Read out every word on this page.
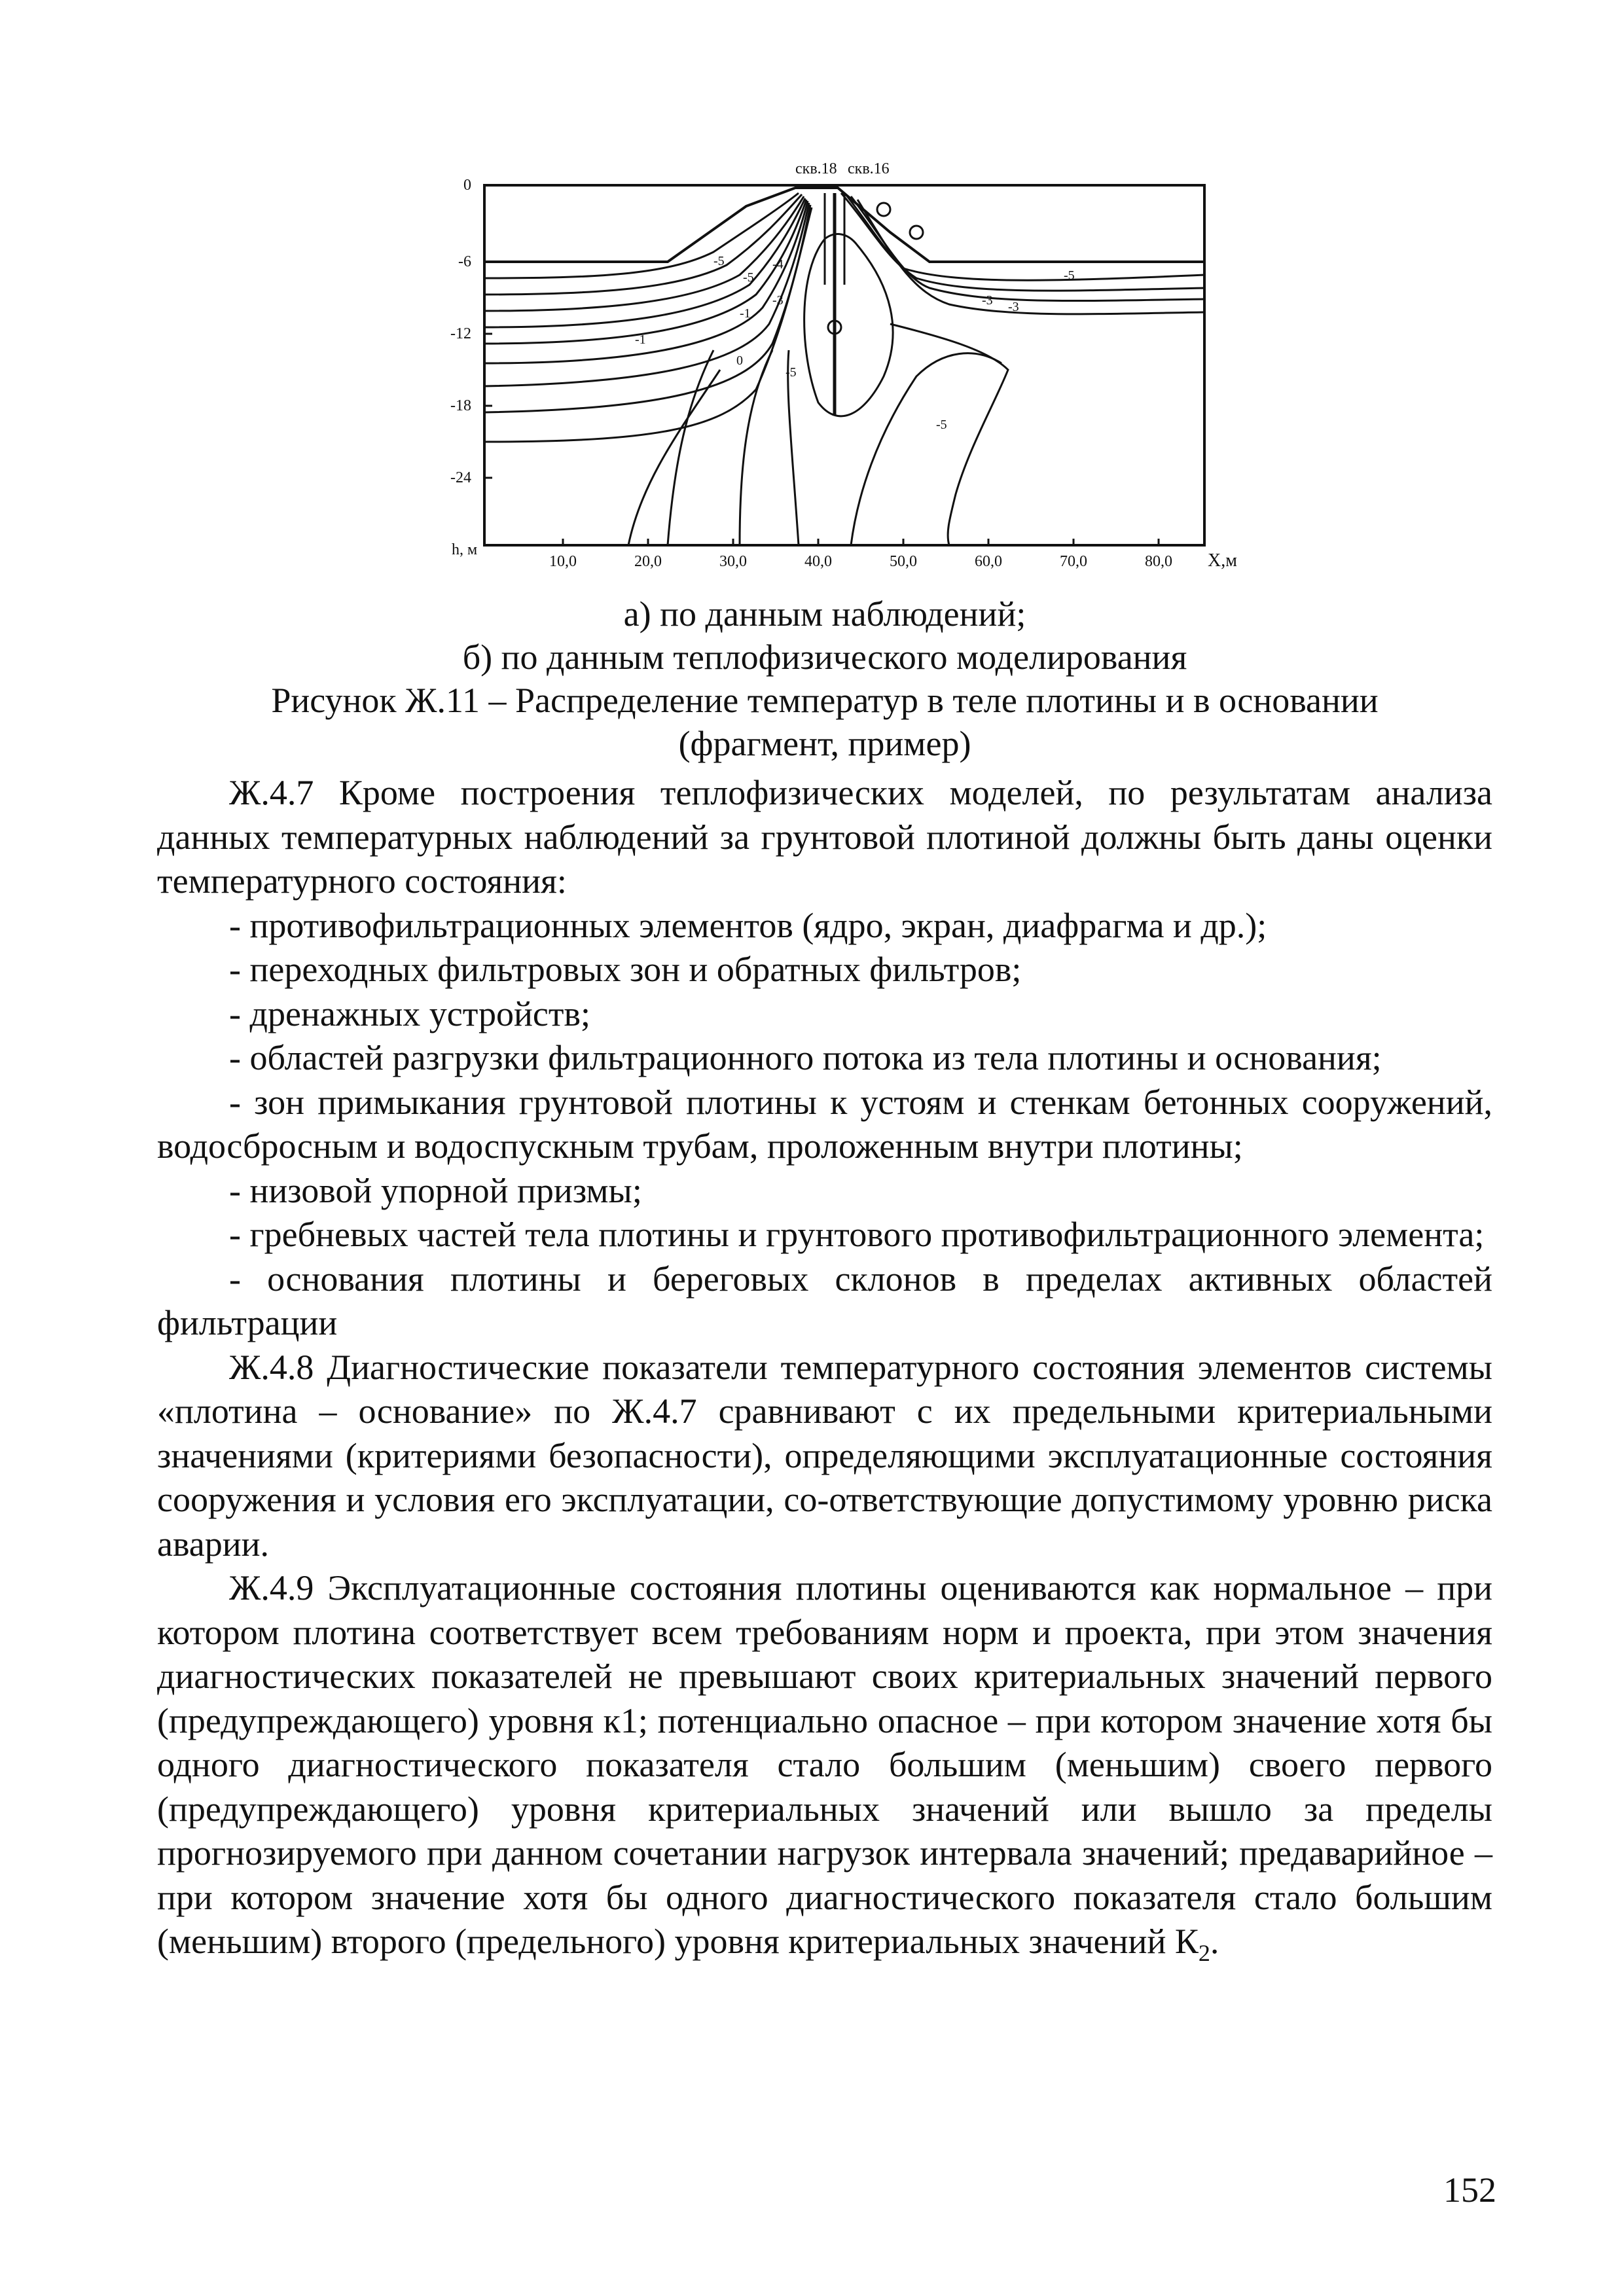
скв.18 скв.16
0
-6
-12
-18
-24
h, м
-5
-5
-4
-3
-1
-1
0
-5
-5
-3 -3
-5
10,0	20,0	30,0	40,0	50,0	60,0	70,0	80,0 X,м
а) по данным наблюдений;
б) по данным теплофизического моделирования
Рисунок Ж.11 – Распределение температур в теле плотины и в основании
(фрагмент, пример)

Ж.4.7 Кроме построения теплофизических моделей, по результатам анализа данных температурных наблюдений за грунтовой плотиной должны быть даны оценки температурного состояния:

- противофильтрационных элементов (ядро, экран, диафрагма и др.);

- переходных фильтровых зон и обратных фильтров;

- дренажных устройств;

- областей разгрузки фильтрационного потока из тела плотины и основания;

- зон примыкания грунтовой плотины к устоям и стенкам бетонных сооружений, водосбросным и водоспускным трубам, проложенным внутри плотины;

- низовой упорной призмы;

- гребневых частей тела плотины и грунтового противофильтрационного элемента;

- основания плотины и береговых склонов в пределах активных областей фильтрации

Ж.4.8 Диагностические показатели температурного состояния элементов системы «плотина – основание» по Ж.4.7 сравнивают с их предельными критериальными значениями (критериями безопасности), определяющими эксплуатационные состояния сооружения и условия его эксплуатации, со-ответствующие допустимому уровню риска аварии.

Ж.4.9 Эксплуатационные состояния плотины оцениваются как нормальное – при котором плотина соответствует всем требованиям норм и проекта, при этом значения диагностических показателей не превышают своих критериальных значений первого (предупреждающего) уровня к1; потенциально опасное – при котором значение хотя бы одного диагностического показателя стало большим (меньшим) своего первого (предупреждающего) уровня критериальных значений или вышло за пределы прогнозируемого при данном сочетании нагрузок интервала значений; предаварийное – при котором значение хотя бы одного диагностического показателя стало большим (меньшим) второго (предельного) уровня критериальных значений $К_2$.

152
